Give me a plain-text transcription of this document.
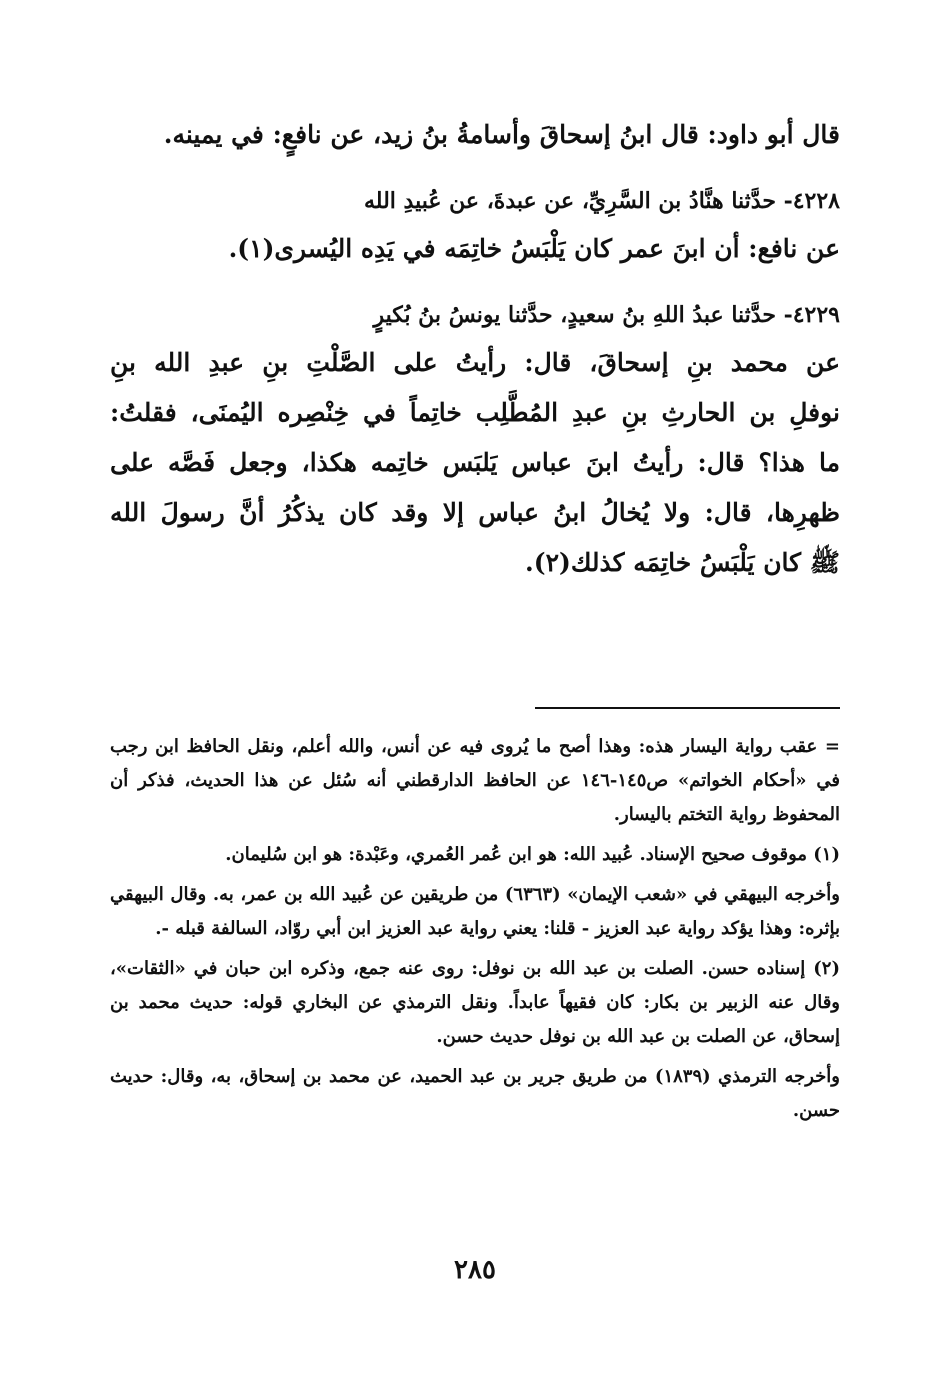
قال أبو داود: قال ابنُ إسحاقَ وأسامةُ بنُ زيد، عن نافعٍ: في يمينه.

٤٢٢٨- حدَّثنا هنَّادُ بن السَّرِيِّ، عن عبدةَ، عن عُبيدِ الله

عن نافع: أن ابنَ عمر كان يَلْبَسُ خاتِمَه في يَدِه اليُسرى(١).

٤٢٢٩- حدَّثنا عبدُ اللهِ بنُ سعيدٍ، حدَّثنا يونسُ بنُ بُكيرٍ

عن محمد بنِ إسحاقَ، قال: رأيتُ على الصَّلْتِ بنِ عبدِ الله بنِ
نوفلِ بن الحارثِ بنِ عبدِ المُطَّلِب خاتِماً في خِنْصِره اليُمنَى، فقلتُ:
ما هذا؟ قال: رأيتُ ابنَ عباس يَلبَس خاتِمه هكذا، وجعل فَصَّه على
ظهرِها، قال: ولا يُخالُ ابنُ عباس إلا وقد كان يذكُرُ أنَّ رسولَ الله
ﷺ كان يَلْبَسُ خاتِمَه كذلك(٢).

= عقب رواية اليسار هذه: وهذا أصح ما يُروى فيه عن أنس، والله أعلم، ونقل الحافظ ابن رجب في «أحكام الخواتم» ص١٤٥-١٤٦ عن الحافظ الدارقطني أنه سُئل عن هذا الحديث، فذكر أن المحفوظ رواية التختم باليسار.

(١) موقوف صحيح الإسناد. عُبيد الله: هو ابن عُمر العُمري، وعَبْدة: هو ابن سُليمان.

وأخرجه البيهقي في «شعب الإيمان» (٦٣٦٣) من طريقين عن عُبيد الله بن عمر، به. وقال البيهقي بإثره: وهذا يؤكد رواية عبد العزيز - قلنا: يعني رواية عبد العزيز ابن أبي روّاد، السالفة قبله -.

(٢) إسناده حسن. الصلت بن عبد الله بن نوفل: روى عنه جمع، وذكره ابن حبان في «الثقات»، وقال عنه الزبير بن بكار: كان فقيهاً عابداً. ونقل الترمذي عن البخاري قوله: حديث محمد بن إسحاق، عن الصلت بن عبد الله بن نوفل حديث حسن.

وأخرجه الترمذي (١٨٣٩) من طريق جرير بن عبد الحميد، عن محمد بن إسحاق، به، وقال: حديث حسن.

٢٨٥
